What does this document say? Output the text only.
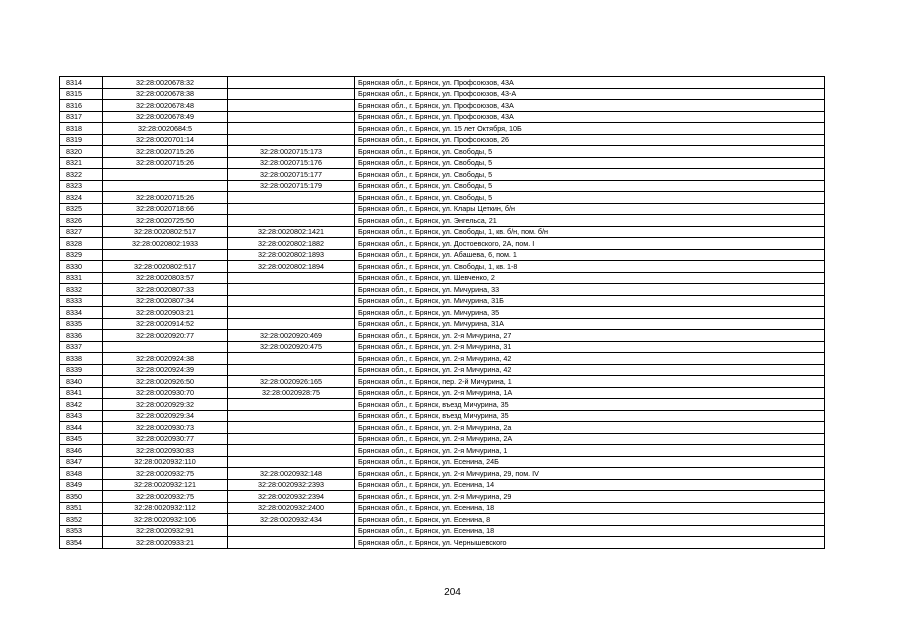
8314	32:28:0020678:32		Брянская обл., г. Брянск, ул. Профсоюзов, 43А
8315	32:28:0020678:38		Брянская обл., г. Брянск, ул. Профсоюзов, 43-А
8316	32:28:0020678:48		Брянская обл., г. Брянск, ул. Профсоюзов, 43А
8317	32:28:0020678:49		Брянская обл., г. Брянск, ул. Профсоюзов, 43А
8318	32:28:0020684:5		Брянская обл., г. Брянск, ул. 15 лет Октября, 10Б
8319	32:28:0020701:14		Брянская обл., г. Брянск, ул. Профсоюзов, 26
8320	32:28:0020715:26	32:28:0020715:173	Брянская обл., г. Брянск, ул. Свободы, 5
8321	32:28:0020715:26	32:28:0020715:176	Брянская обл., г. Брянск, ул. Свободы, 5
8322		32:28:0020715:177	Брянская обл., г. Брянск, ул. Свободы, 5
8323		32:28:0020715:179	Брянская обл., г. Брянск, ул. Свободы, 5
8324	32:28:0020715:26		Брянская обл., г. Брянск, ул. Свободы, 5
8325	32:28:0020718:66		Брянская обл., г. Брянск, ул. Клары Цеткин, б/н
8326	32:28:0020725:50		Брянская обл., г. Брянск, ул. Энгельса, 21
8327	32:28:0020802:517	32:28:0020802:1421	Брянская обл., г. Брянск, ул. Свободы, 1, кв. б/н, пом. б/н
8328	32:28:0020802:1933	32:28:0020802:1882	Брянская обл., г. Брянск, ул. Достоевского, 2А, пом. I
8329		32:28:0020802:1893	Брянская обл., г. Брянск, ул. Абашева, 6, пом. 1
8330	32:28:0020802:517	32:28:0020802:1894	Брянская обл., г. Брянск, ул. Свободы, 1, кв. 1-8
8331	32:28:0020803:57		Брянская обл., г. Брянск, ул. Шевченко, 2
8332	32:28:0020807:33		Брянская обл., г. Брянск, ул. Мичурина, 33
8333	32:28:0020807:34		Брянская обл., г. Брянск, ул. Мичурина, 31Б
8334	32:28:0020903:21		Брянская обл., г. Брянск, ул. Мичурина, 35
8335	32:28:0020914:52		Брянская обл., г. Брянск, ул. Мичурина, 31А
8336	32:28:0020920:77	32:28:0020920:469	Брянская обл., г. Брянск, ул. 2-я Мичурина, 27
8337		32:28:0020920:475	Брянская обл., г. Брянск, ул. 2-я Мичурина, 31
8338	32:28:0020924:38		Брянская обл., г. Брянск, ул. 2-я Мичурина, 42
8339	32:28:0020924:39		Брянская обл., г. Брянск, ул. 2-я Мичурина, 42
8340	32:28:0020926:50	32:28:0020926:165	Брянская обл., г. Брянск, пер. 2-й Мичурина, 1
8341	32:28:0020930:70	32:28:0020928:75	Брянская обл., г. Брянск, ул. 2-я Мичурина, 1А
8342	32:28:0020929:32		Брянская обл., г. Брянск, въезд Мичурина, 35
8343	32:28:0020929:34		Брянская обл., г. Брянск, въезд Мичурина, 35
8344	32:28:0020930:73		Брянская обл., г. Брянск, ул. 2-я Мичурина, 2а
8345	32:28:0020930:77		Брянская обл., г. Брянск, ул. 2-я Мичурина, 2А
8346	32:28:0020930:83		Брянская обл., г. Брянск, ул. 2-я Мичурина, 1
8347	32:28:0020932:110		Брянская обл., г. Брянск, ул. Есенина, 24Б
8348	32:28:0020932:75	32:28:0020932:148	Брянская обл., г. Брянск, ул. 2-я Мичурина, 29, пом. IV
8349	32:28:0020932:121	32:28:0020932:2393	Брянская обл., г. Брянск, ул. Есенина, 14
8350	32:28:0020932:75	32:28:0020932:2394	Брянская обл., г. Брянск, ул. 2-я Мичурина, 29
8351	32:28:0020932:112	32:28:0020932:2400	Брянская обл., г. Брянск, ул. Есенина, 18
8352	32:28:0020932:106	32:28:0020932:434	Брянская обл., г. Брянск, ул. Есенина, 8
8353	32:28:0020932:91		Брянская обл., г. Брянск, ул. Есенина, 18
8354	32:28:0020933:21		Брянская обл., г. Брянск, ул. Чернышевского
204
